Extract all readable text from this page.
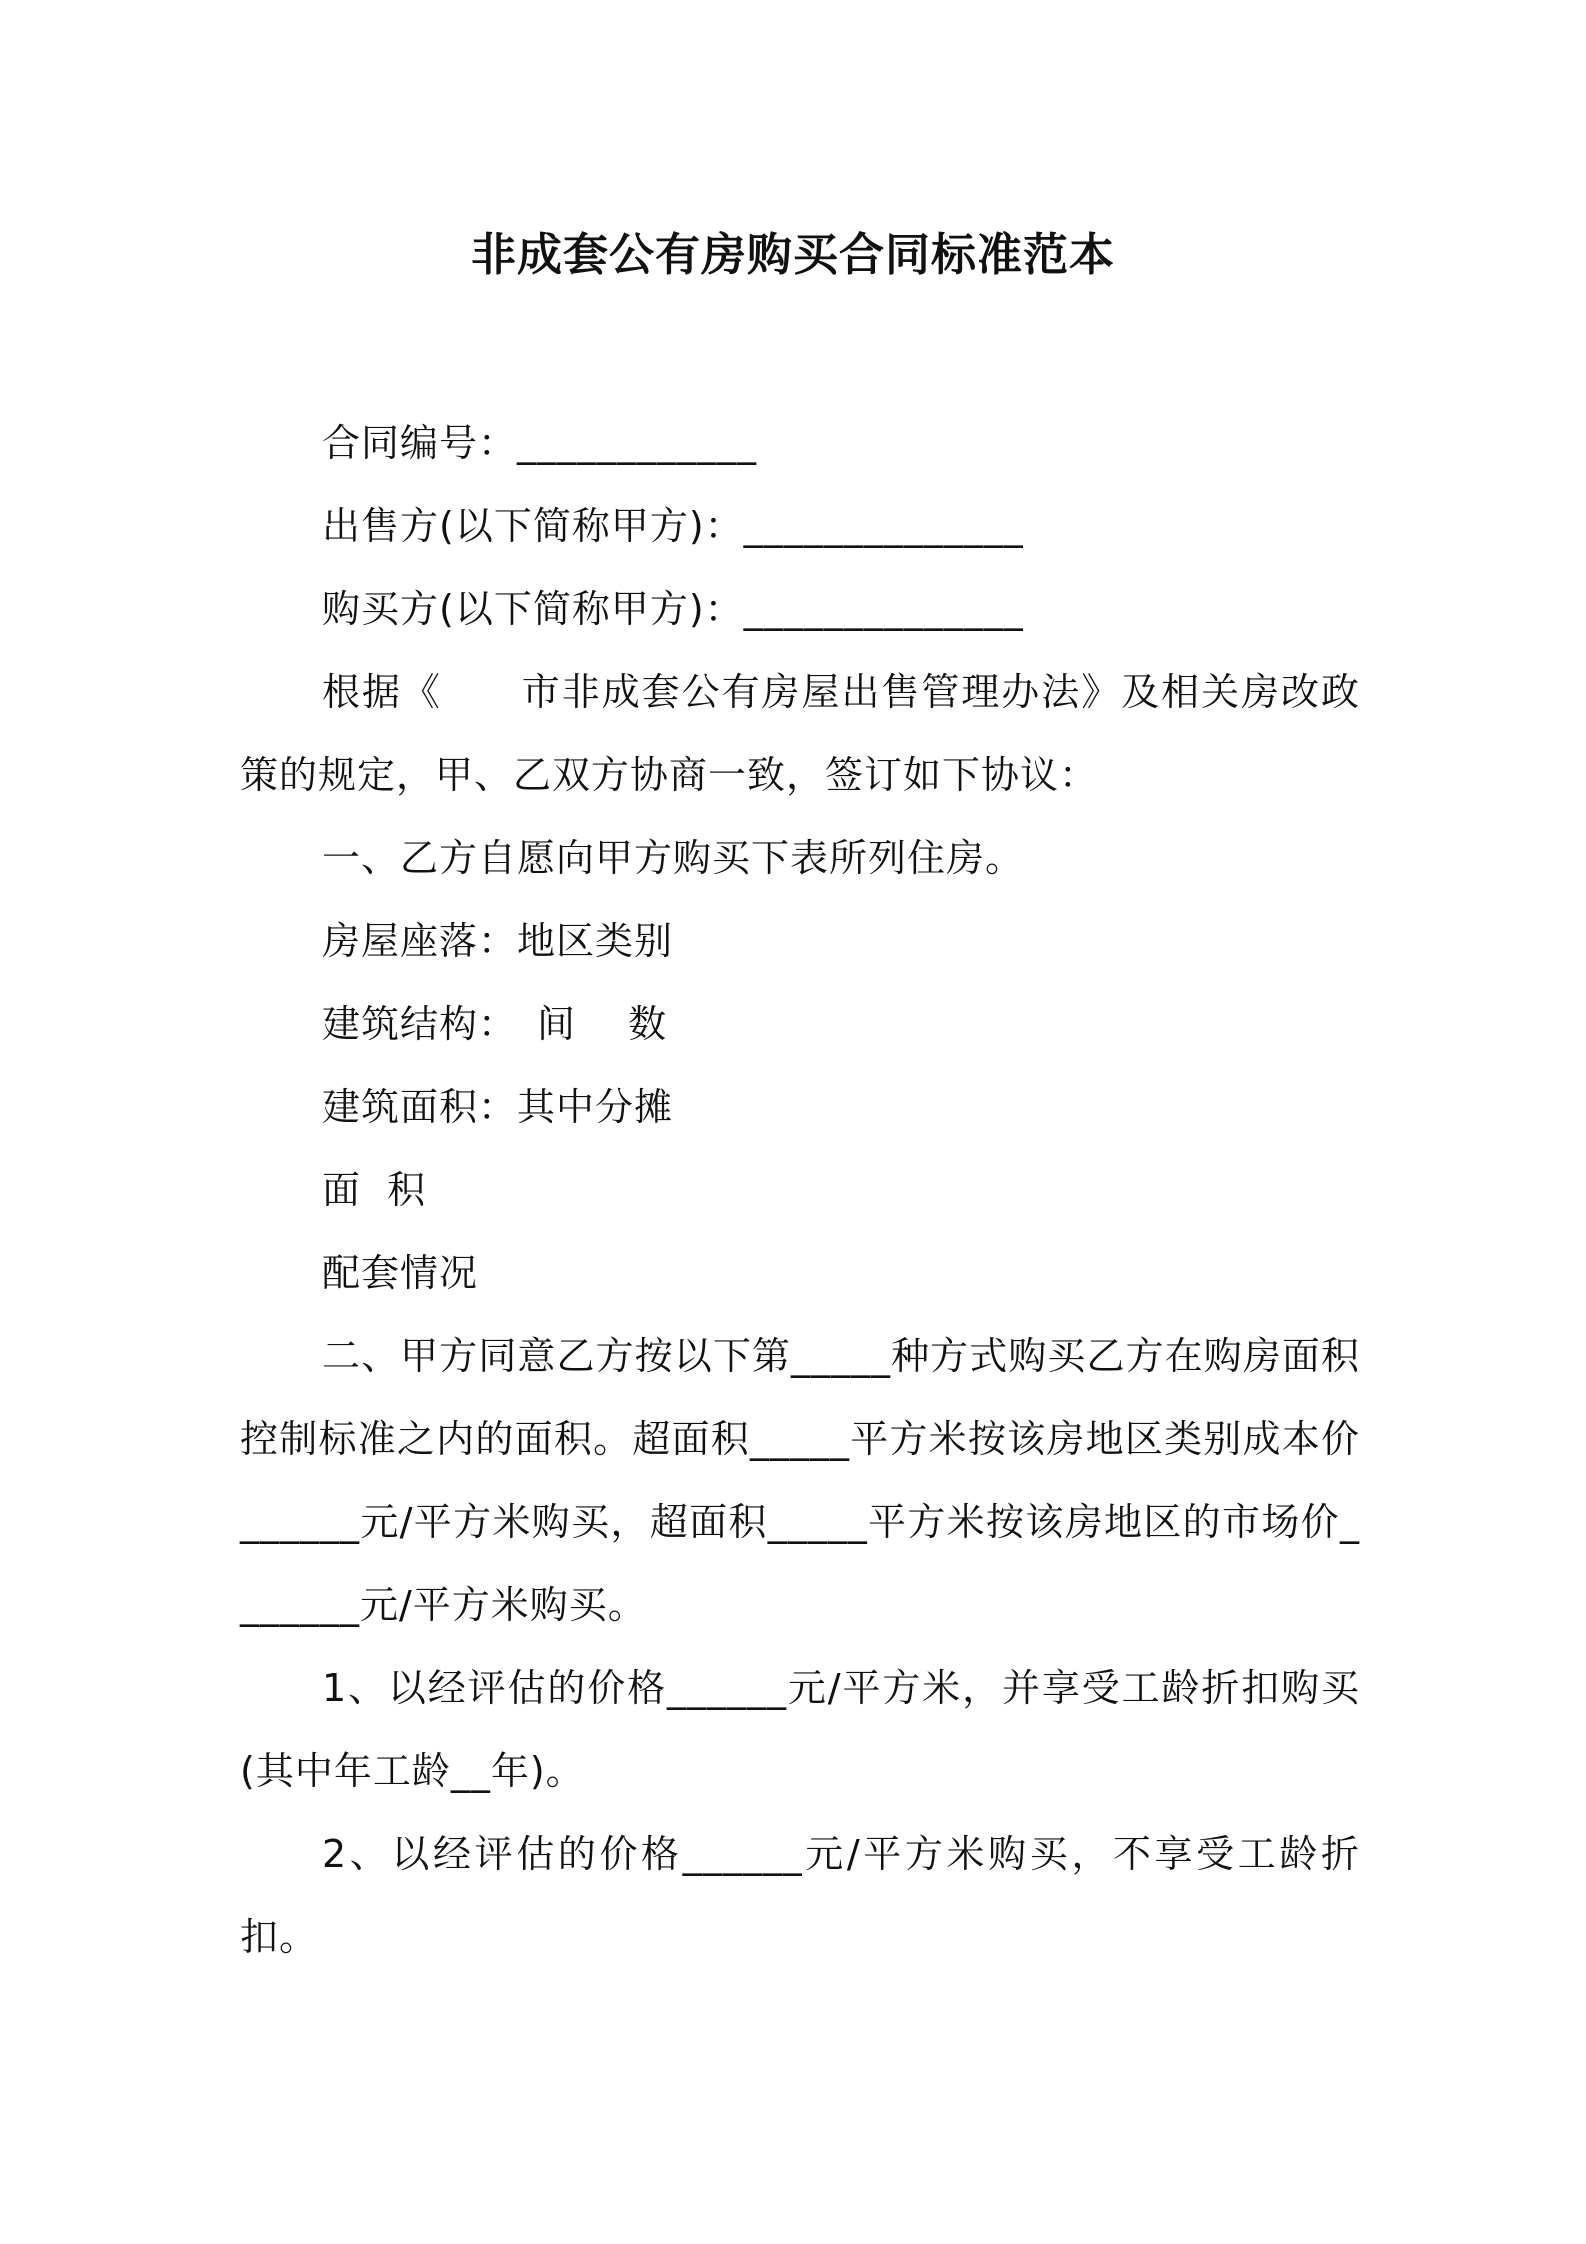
非成套公有房购买合同标准范本

合同编号：____________

出售方(以下简称甲方)：______________

购买方(以下简称甲方)：______________

根据《　　市非成套公有房屋出售管理办法》及相关房改政策的规定，甲、乙双方协商一致，签订如下协议：

一、乙方自愿向甲方购买下表所列住房。

房屋座落：地区类别

建筑结构：　间　 数

建筑面积：其中分摊

面  积

配套情况

二、甲方同意乙方按以下第_____种方式购买乙方在购房面积控制标准之内的面积。超面积_____平方米按该房地区类别成本价______元/平方米购买，超面积_____平方米按该房地区的市场价_______元/平方米购买。

1、以经评估的价格______元/平方米，并享受工龄折扣购买(其中年工龄__年)。

2、以经评估的价格______元/平方米购买，不享受工龄折扣。
